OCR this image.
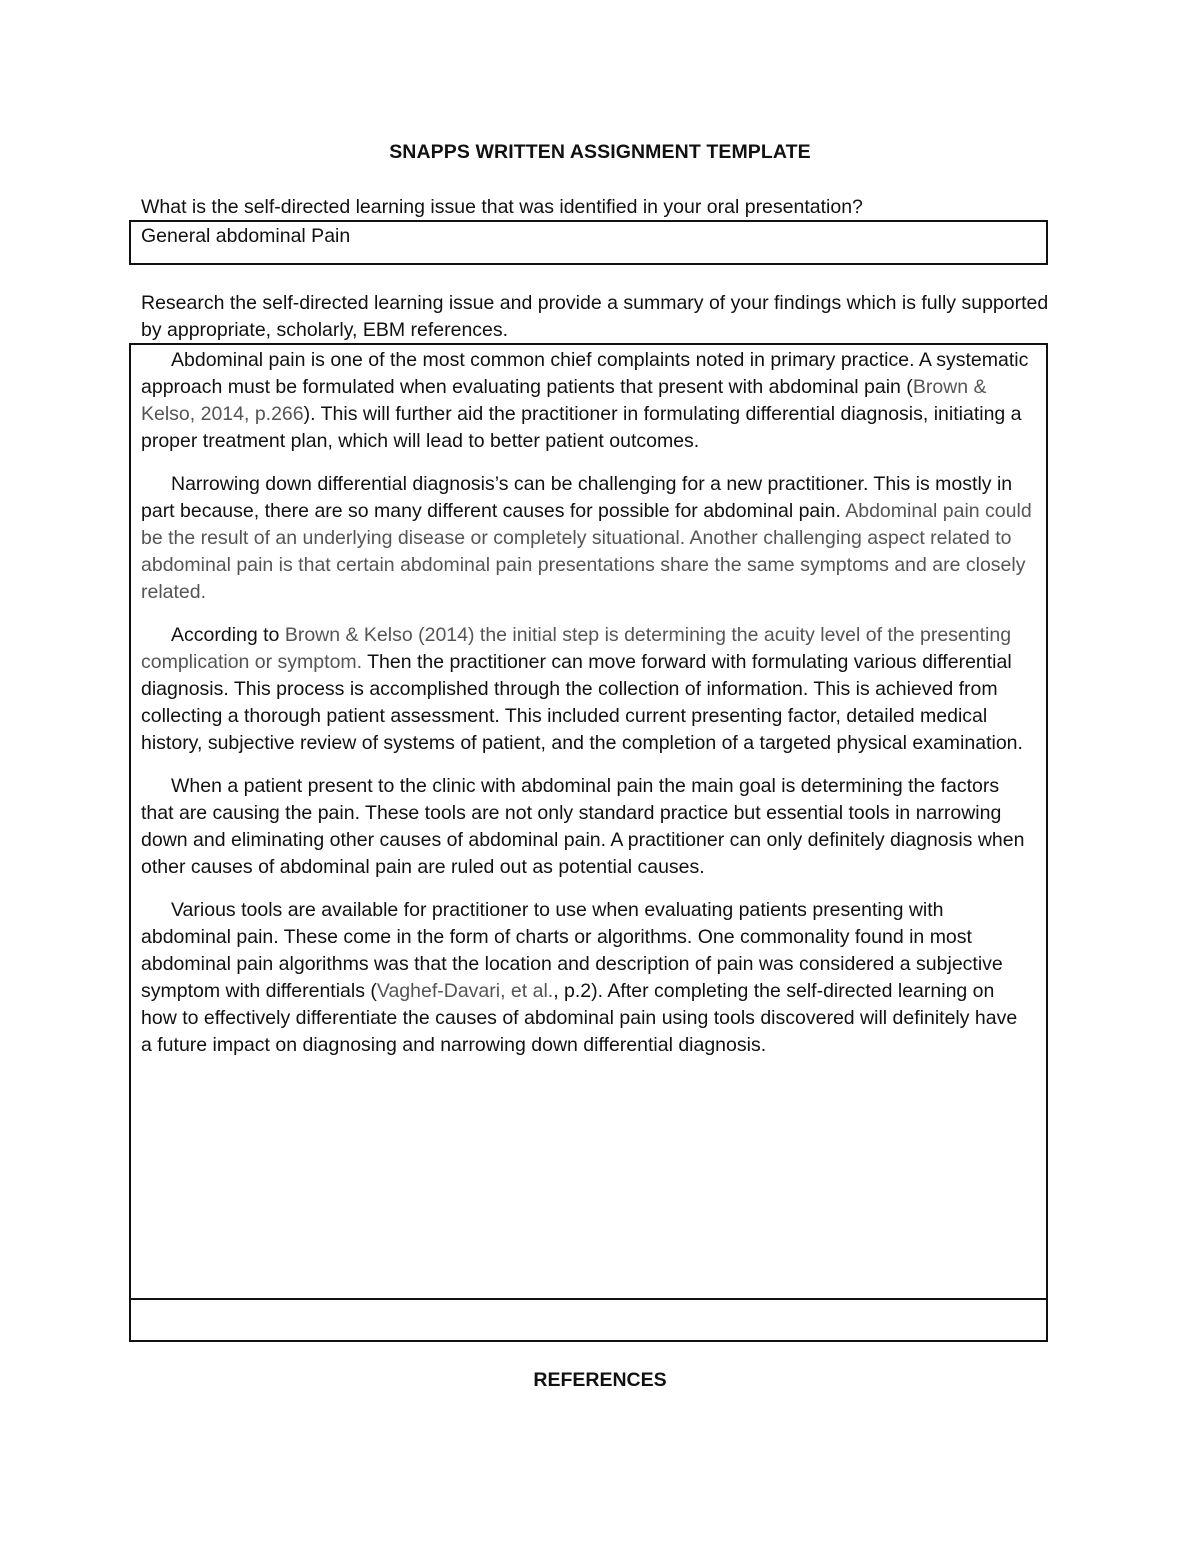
SNAPPS WRITTEN ASSIGNMENT TEMPLATE
What is the self-directed learning issue that was identified in your oral presentation?
General abdominal Pain
Research the self-directed learning issue and provide a summary of your findings which is fully supported by appropriate, scholarly, EBM references.

Abdominal pain is one of the most common chief complaints noted in primary practice. A systematic approach must be formulated when evaluating patients that present with abdominal pain (Brown & Kelso, 2014, p.266). This will further aid the practitioner in formulating differential diagnosis, initiating a proper treatment plan, which will lead to better patient outcomes.

Narrowing down differential diagnosis’s can be challenging for a new practitioner. This is mostly in part because, there are so many different causes for possible for abdominal pain. Abdominal pain could be the result of an underlying disease or completely situational. Another challenging aspect related to abdominal pain is that certain abdominal pain presentations share the same symptoms and are closely related.

According to Brown & Kelso (2014) the initial step is determining the acuity level of the presenting complication or symptom. Then the practitioner can move forward with formulating various differential diagnosis. This process is accomplished through the collection of information. This is achieved from collecting a thorough patient assessment. This included current presenting factor, detailed medical history, subjective review of systems of patient, and the completion of a targeted physical examination.

When a patient present to the clinic with abdominal pain the main goal is determining the factors that are causing the pain. These tools are not only standard practice but essential tools in narrowing down and eliminating other causes of abdominal pain. A practitioner can only definitely diagnosis when other causes of abdominal pain are ruled out as potential causes.

Various tools are available for practitioner to use when evaluating patients presenting with abdominal pain. These come in the form of charts or algorithms. One commonality found in most abdominal pain algorithms was that the location and description of pain was considered a subjective symptom with differentials (Vaghef-Davari, et al., p.2). After completing the self-directed learning on how to effectively differentiate the causes of abdominal pain using tools discovered will definitely have a future impact on diagnosing and narrowing down differential diagnosis.

REFERENCES
